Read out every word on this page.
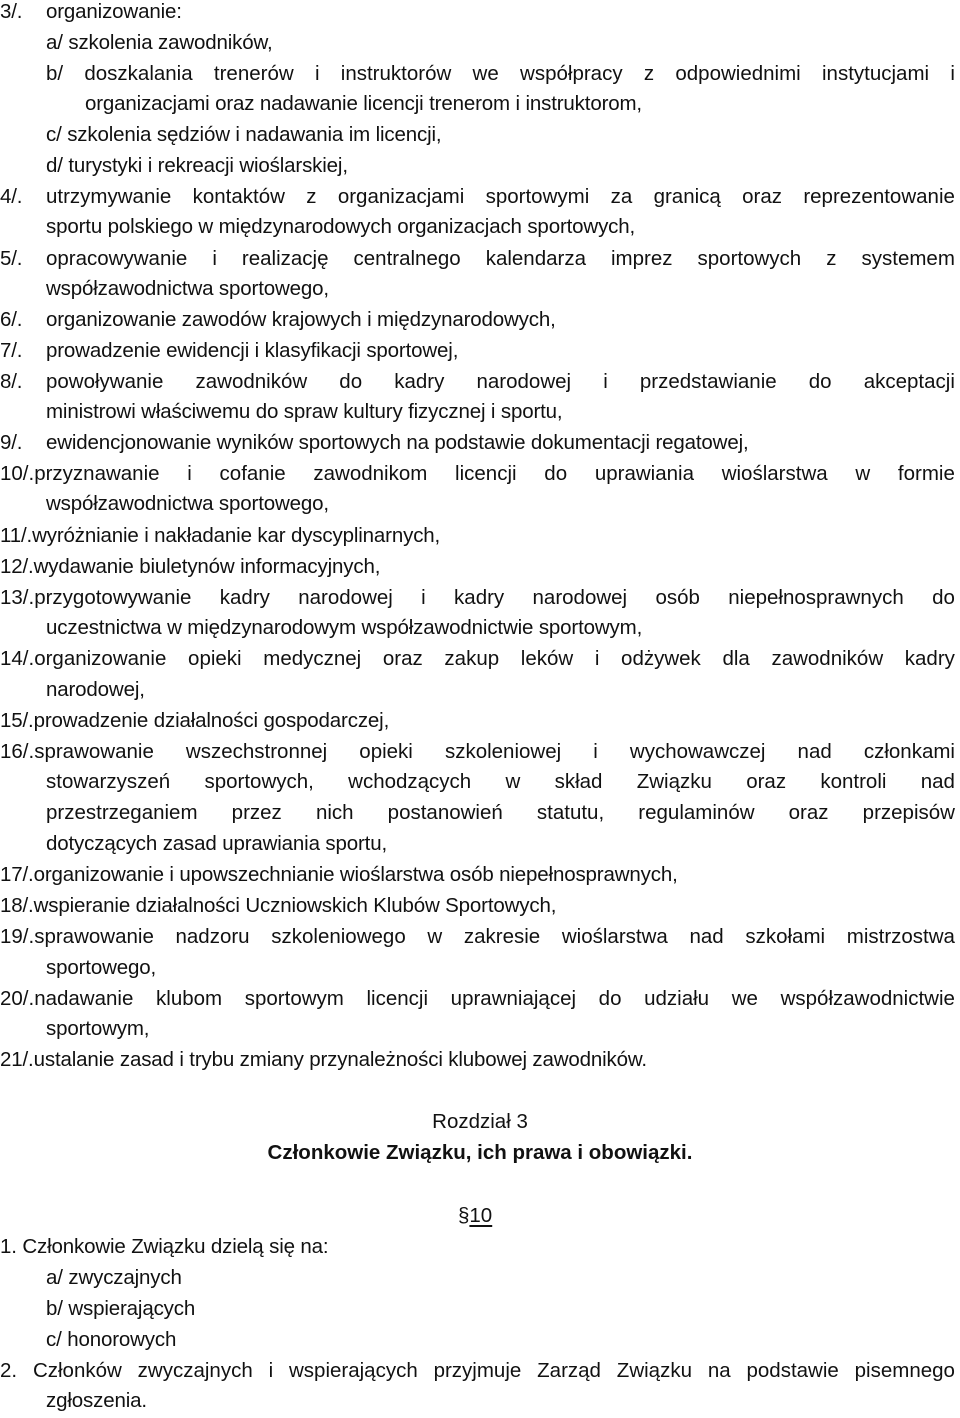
3/. organizowanie:
a/ szkolenia zawodników,
b/ doszkalania trenerów i instruktorów we współpracy z odpowiednimi instytucjami i
organizacjami oraz nadawanie licencji trenerom i instruktorom,
c/ szkolenia sędziów i nadawania im licencji,
d/ turystyki i rekreacji wioślarskiej,
4/. utrzymywanie kontaktów z organizacjami sportowymi za granicą oraz reprezentowanie
sportu polskiego w międzynarodowych organizacjach sportowych,
5/. opracowywanie i realizację centralnego kalendarza imprez sportowych z systemem
współzawodnictwa sportowego,
6/. organizowanie zawodów krajowych i międzynarodowych,
7/. prowadzenie ewidencji i klasyfikacji sportowej,
8/. powoływanie zawodników do kadry narodowej i przedstawianie do akceptacji
ministrowi właściwemu do spraw kultury fizycznej i sportu,
9/. ewidencjonowanie wyników sportowych na podstawie dokumentacji regatowej,
10/.przyznawanie i cofanie zawodnikom licencji do uprawiania wioślarstwa w formie
współzawodnictwa sportowego,
11/.wyróżnianie i nakładanie kar dyscyplinarnych,
12/.wydawanie biuletynów informacyjnych,
13/.przygotowywanie kadry narodowej i kadry narodowej osób niepełnosprawnych do
uczestnictwa w międzynarodowym współzawodnictwie sportowym,
14/.organizowanie opieki medycznej oraz zakup leków i odżywek dla zawodników kadry
narodowej,
15/.prowadzenie działalności gospodarczej,
16/.sprawowanie wszechstronnej opieki szkoleniowej i wychowawczej nad członkami
stowarzyszeń sportowych, wchodzących w skład Związku oraz kontroli nad
przestrzeganiem przez nich postanowień statutu, regulaminów oraz przepisów
dotyczących zasad uprawiania sportu,
17/.organizowanie i upowszechnianie wioślarstwa osób niepełnosprawnych,
18/.wspieranie działalności Uczniowskich Klubów Sportowych,
19/.sprawowanie nadzoru szkoleniowego w zakresie wioślarstwa nad szkołami mistrzostwa
sportowego,
20/.nadawanie klubom sportowym licencji uprawniającej do udziału we współzawodnictwie
sportowym,
21/.ustalanie zasad i trybu zmiany przynależności klubowej zawodników.
Rozdział 3
Członkowie Związku, ich prawa i obowiązki.
§10
1. Członkowie Związku dzielą się na:
a/ zwyczajnych
b/ wspierających
c/ honorowych
2. Członków zwyczajnych i wspierających przyjmuje Zarząd Związku na podstawie pisemnego
zgłoszenia.
